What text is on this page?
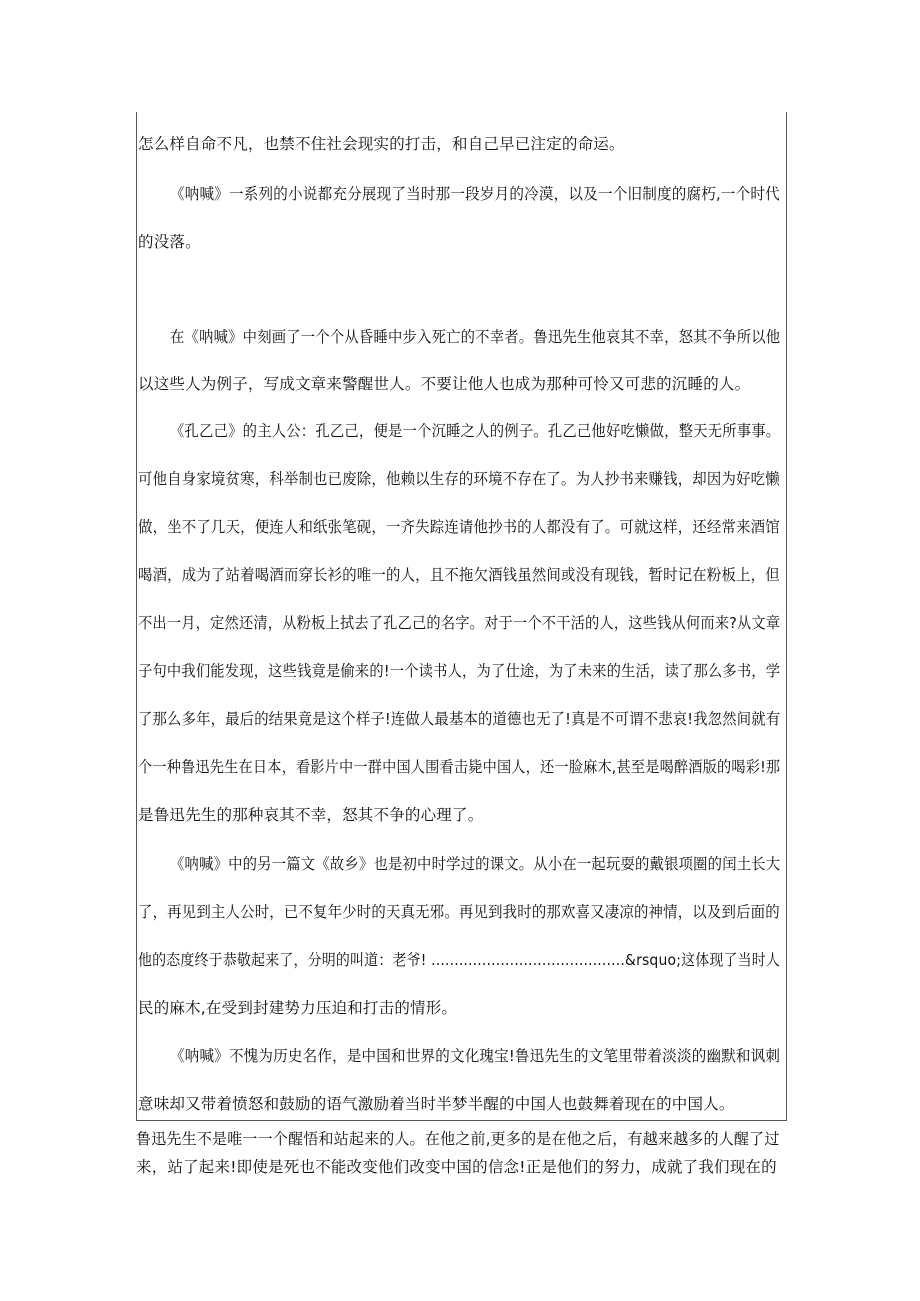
怎么样自命不凡，也禁不住社会现实的打击，和自己早已注定的命运。
《呐喊》一系列的小说都充分展现了当时那一段岁月的冷漠，以及一个旧制度的腐朽,一个时代
的没落。
在《呐喊》中刻画了一个个从昏睡中步入死亡的不幸者。鲁迅先生他哀其不幸，怒其不争所以他
以这些人为例子，写成文章来警醒世人。不要让他人也成为那种可怜又可悲的沉睡的人。
《孔乙己》的主人公：孔乙己，便是一个沉睡之人的例子。孔乙己他好吃懒做，整天无所事事。
可他自身家境贫寒，科举制也已废除，他赖以生存的环境不存在了。为人抄书来赚钱，却因为好吃懒
做，坐不了几天，便连人和纸张笔砚，一齐失踪连请他抄书的人都没有了。可就这样，还经常来酒馆
喝酒，成为了站着喝酒而穿长衫的唯一的人，且不拖欠酒钱虽然间或没有现钱，暂时记在粉板上，但
不出一月，定然还清，从粉板上拭去了孔乙己的名字。对于一个不干活的人，这些钱从何而来?从文章
子句中我们能发现，这些钱竟是偷来的!一个读书人，为了仕途，为了未来的生活，读了那么多书，学
了那么多年，最后的结果竟是这个样子!连做人最基本的道德也无了!真是不可谓不悲哀!我忽然间就有
个一种鲁迅先生在日本，看影片中一群中国人围看击毙中国人，还一脸麻木,甚至是喝醉酒版的喝彩!那
是鲁迅先生的那种哀其不幸，怒其不争的心理了。
《呐喊》中的另一篇文《故乡》也是初中时学过的课文。从小在一起玩耍的戴银项圈的闰土长大
了，再见到主人公时，已不复年少时的天真无邪。再见到我时的那欢喜又凄凉的神情，以及到后面的
他的态度终于恭敬起来了，分明的叫道：老爷! ..........................................&rsquo;这体现了当时人
民的麻木,在受到封建势力压迫和打击的情形。
《呐喊》不愧为历史名作，是中国和世界的文化瑰宝!鲁迅先生的文笔里带着淡淡的幽默和讽刺
意味却又带着愤怒和鼓励的语气激励着当时半梦半醒的中国人也鼓舞着现在的中国人。
鲁迅先生不是唯一一个醒悟和站起来的人。在他之前,更多的是在他之后，有越来越多的人醒了过
来，站了起来!即使是死也不能改变他们改变中国的信念!正是他们的努力，成就了我们现在的
